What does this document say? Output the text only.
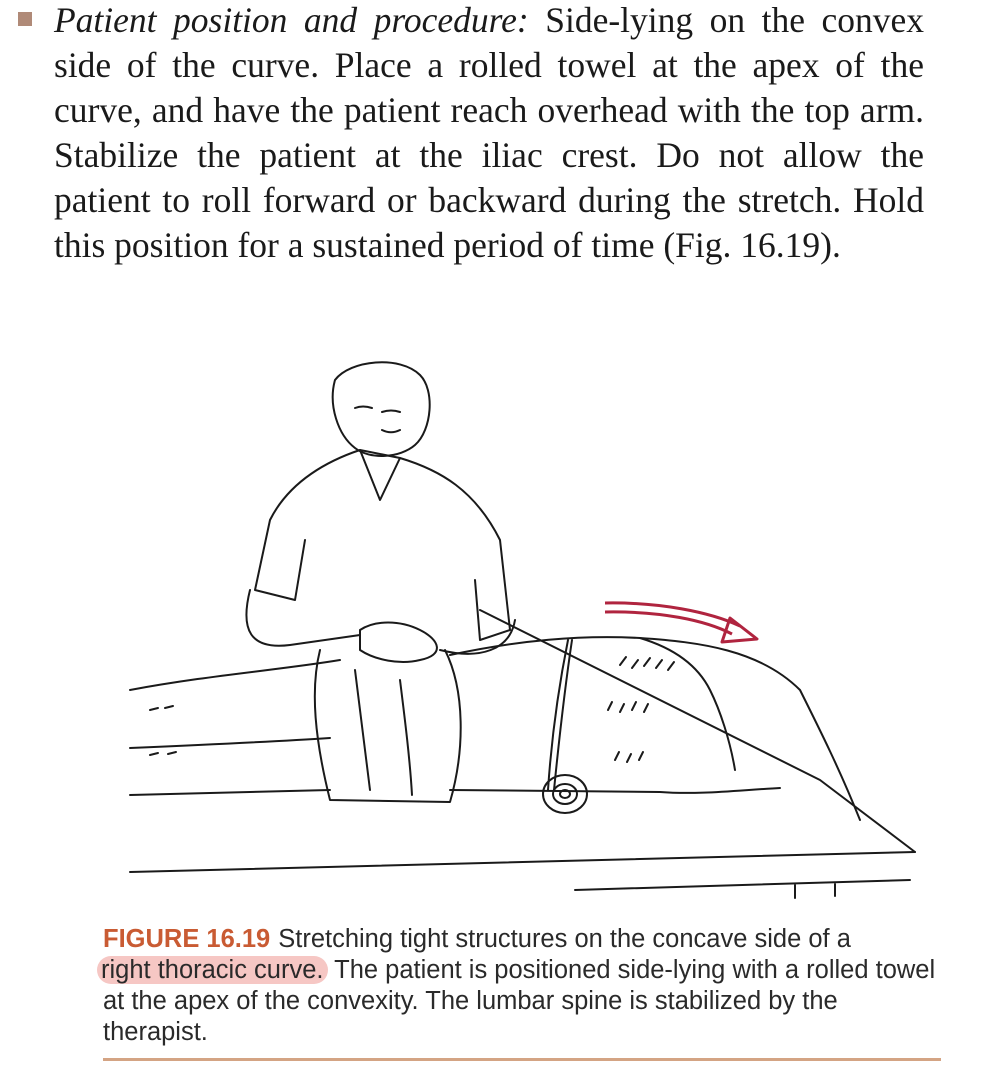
Patient position and procedure: Side-lying on the convex side of the curve. Place a rolled towel at the apex of the curve, and have the patient reach overhead with the top arm. Stabilize the patient at the iliac crest. Do not allow the patient to roll forward or backward during the stretch. Hold this position for a sustained period of time (Fig. 16.19).
FIGURE 16.19 Stretching tight structures on the concave side of a
right thoracic curve. The patient is positioned side-lying with a rolled towel at the apex of the convexity. The lumbar spine is stabilized by the therapist.
